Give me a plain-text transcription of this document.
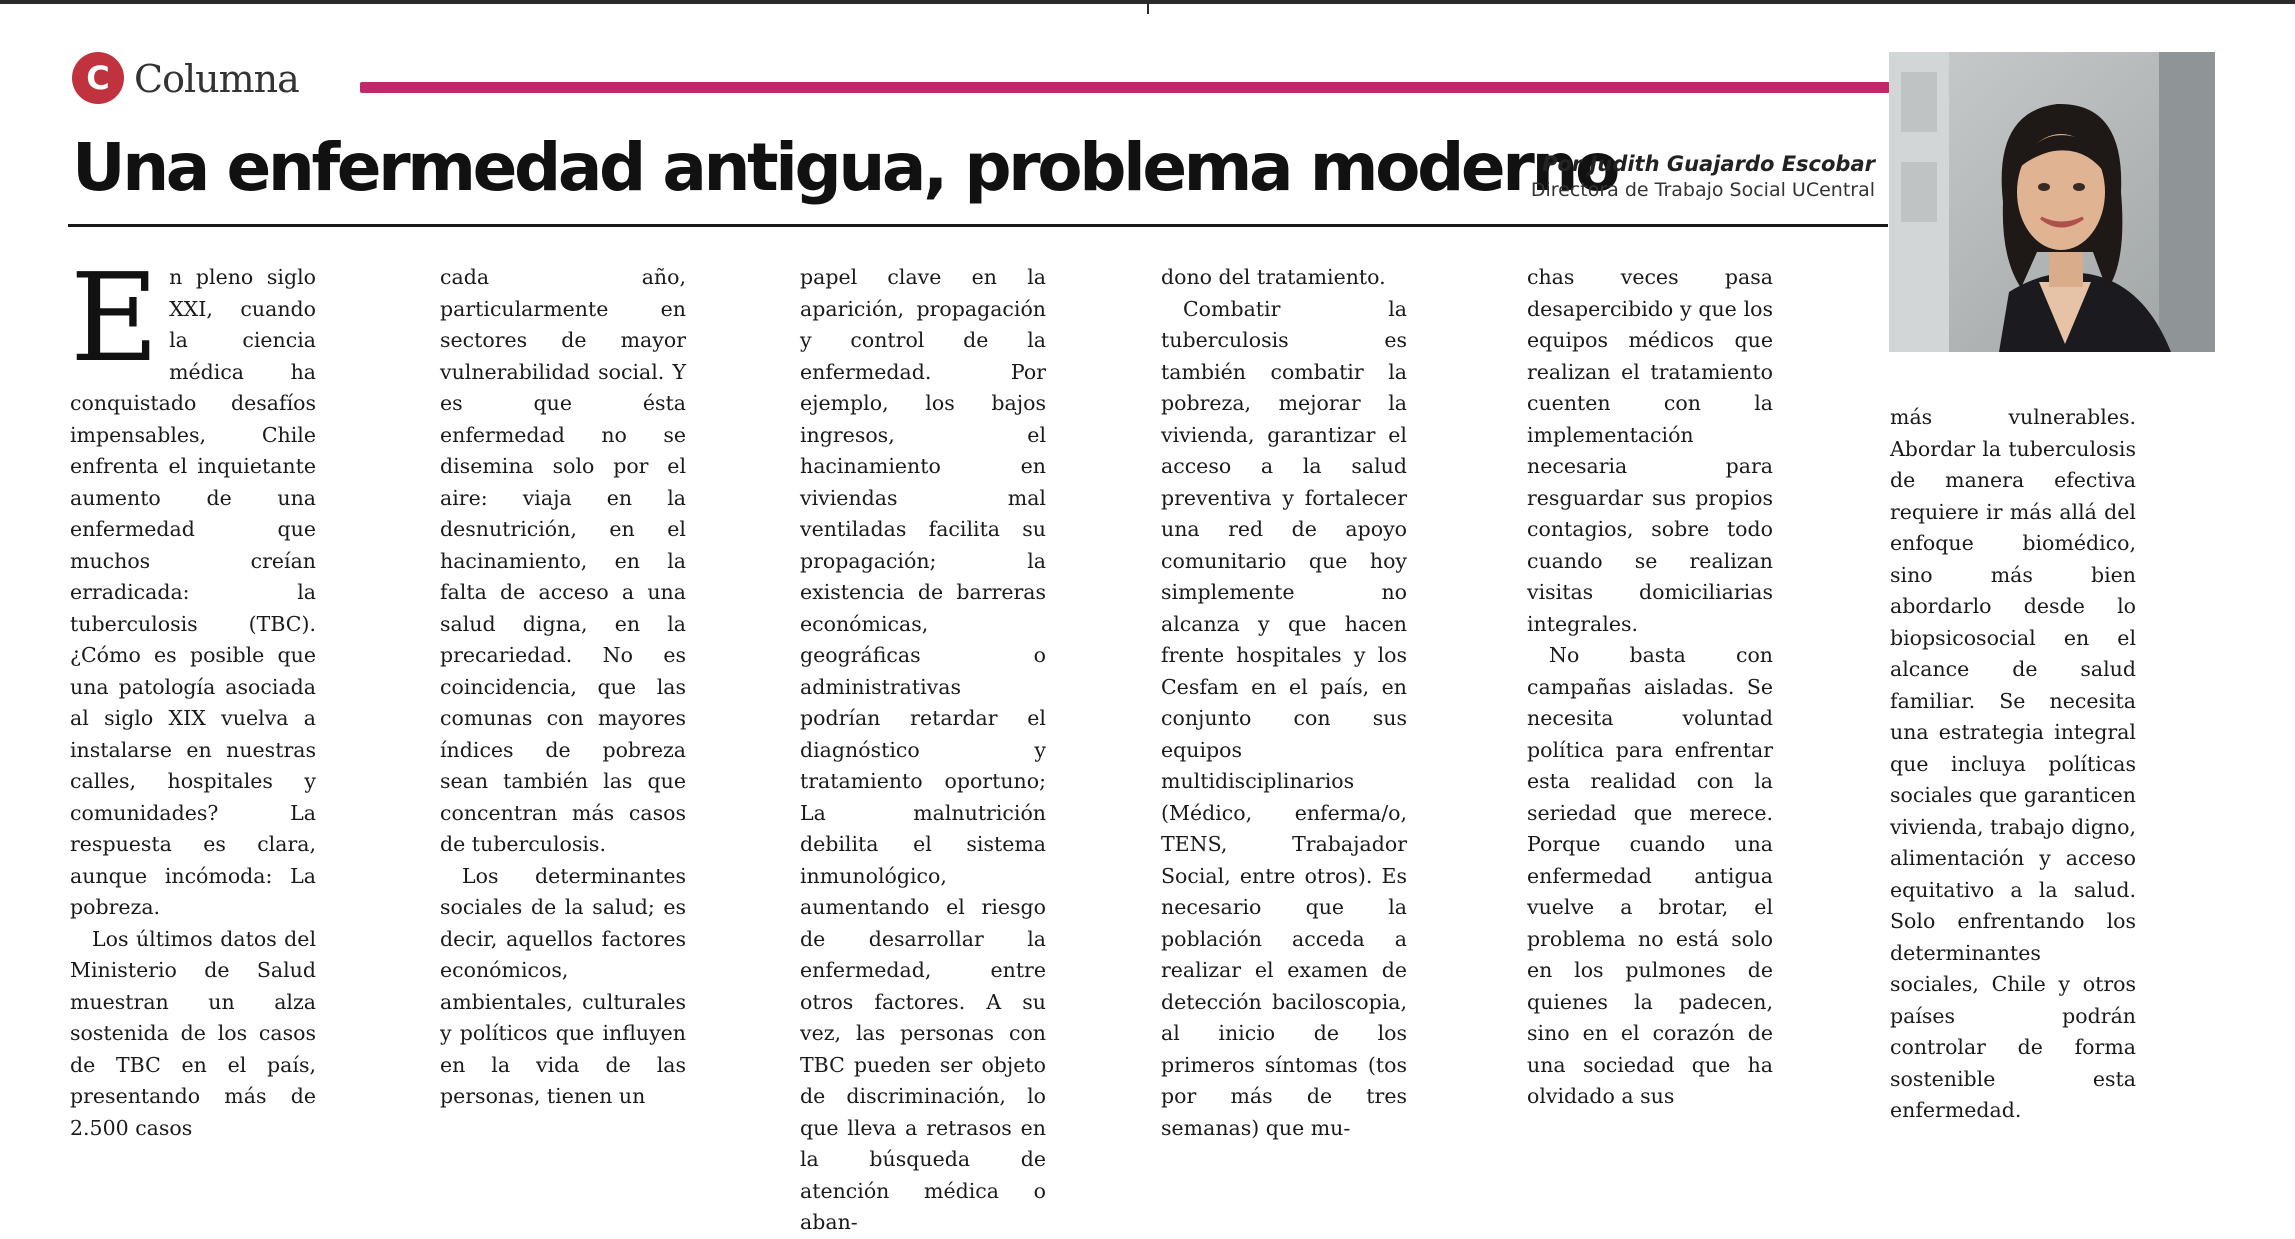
C Columna
Una enfermedad antigua, problema moderno
Por Judith Guajardo Escobar
Directora de Trabajo Social UCentral
E n pleno siglo XXI, cuando la ciencia médica ha conquistado desafíos impensables, Chile enfrenta el inquietante aumento de una enfermedad que muchos creían erradicada: la tuberculosis (TBC). ¿Cómo es posible que una patología asociada al siglo XIX vuelva a instalarse en nuestras calles, hospitales y comunidades? La respuesta es clara, aunque incómoda: La pobreza.

Los últimos datos del Ministerio de Salud muestran un alza sostenida de los casos de TBC en el país, presentando más de 2.500 casos

cada año, particularmente en sectores de mayor vulnerabilidad social. Y es que ésta enfermedad no se disemina solo por el aire: viaja en la desnutrición, en el hacinamiento, en la falta de acceso a una salud digna, en la precariedad. No es coincidencia, que las comunas con mayores índices de pobreza sean también las que concentran más casos de tuberculosis.

Los determinantes sociales de la salud; es decir, aquellos factores económicos, ambientales, culturales y políticos que influyen en la vida de las personas, tienen un

papel clave en la aparición, propagación y control de la enfermedad. Por ejemplo, los bajos ingresos, el hacinamiento en viviendas mal ventiladas facilita su propagación; la existencia de barreras económicas, geográficas o administrativas podrían retardar el diagnóstico y tratamiento oportuno; La malnutrición debilita el sistema inmunológico, aumentando el riesgo de desarrollar la enfermedad, entre otros factores. A su vez, las personas con TBC pueden ser objeto de discriminación, lo que lleva a retrasos en la búsqueda de atención médica o aban-

dono del tratamiento.

Combatir la tuberculosis es también combatir la pobreza, mejorar la vivienda, garantizar el acceso a la salud preventiva y fortalecer una red de apoyo comunitario que hoy simplemente no alcanza y que hacen frente hospitales y los Cesfam en el país, en conjunto con sus equipos multidisciplinarios (Médico, enferma/o, TENS, Trabajador Social, entre otros). Es necesario que la población acceda a realizar el examen de detección baciloscopia, al inicio de los primeros síntomas (tos por más de tres semanas) que mu-

chas veces pasa desapercibido y que los equipos médicos que realizan el tratamiento cuenten con la implementación necesaria para resguardar sus propios contagios, sobre todo cuando se realizan visitas domiciliarias integrales.

No basta con campañas aisladas. Se necesita voluntad política para enfrentar esta realidad con la seriedad que merece. Porque cuando una enfermedad antigua vuelve a brotar, el problema no está solo en los pulmones de quienes la padecen, sino en el corazón de una sociedad que ha olvidado a sus

más vulnerables. Abordar la tuberculosis de manera efectiva requiere ir más allá del enfoque biomédico, sino más bien abordarlo desde lo biopsicosocial en el alcance de salud familiar. Se necesita una estrategia integral que incluya políticas sociales que garanticen vivienda, trabajo digno, alimentación y acceso equitativo a la salud. Solo enfrentando los determinantes sociales, Chile y otros países podrán controlar de forma sostenible esta enfermedad.
